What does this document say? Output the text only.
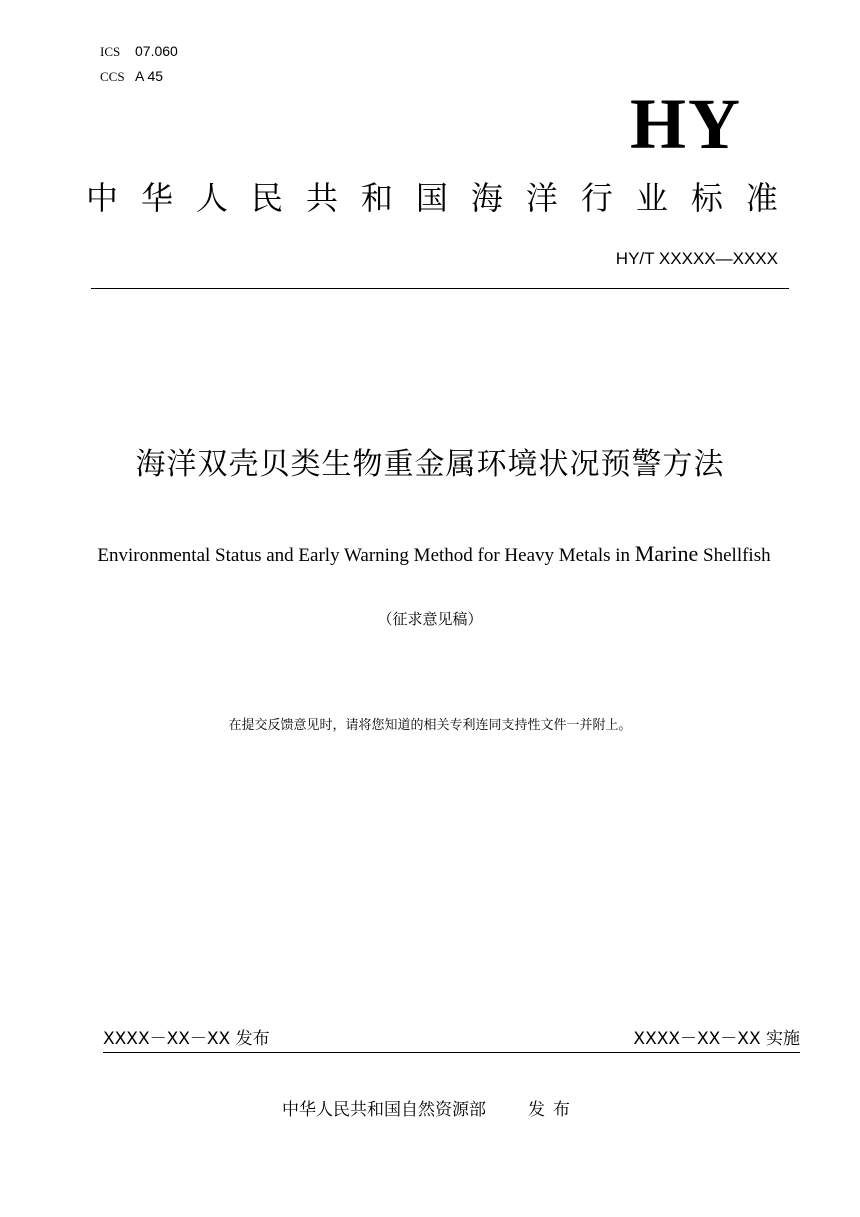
ICS 07.060
CCS A 45
HY
中 华 人 民 共 和 国 海 洋 行 业 标 准
HY/T XXXXX—XXXX
海洋双壳贝类生物重金属环境状况预警方法
Environmental Status and Early Warning Method for Heavy Metals in Marine Shellfish
（征求意见稿）
在提交反馈意见时，请将您知道的相关专利连同支持性文件一并附上。
XXXX－XX－XX 发布	XXXX－XX－XX 实施
中华人民共和国自然资源部 发布
